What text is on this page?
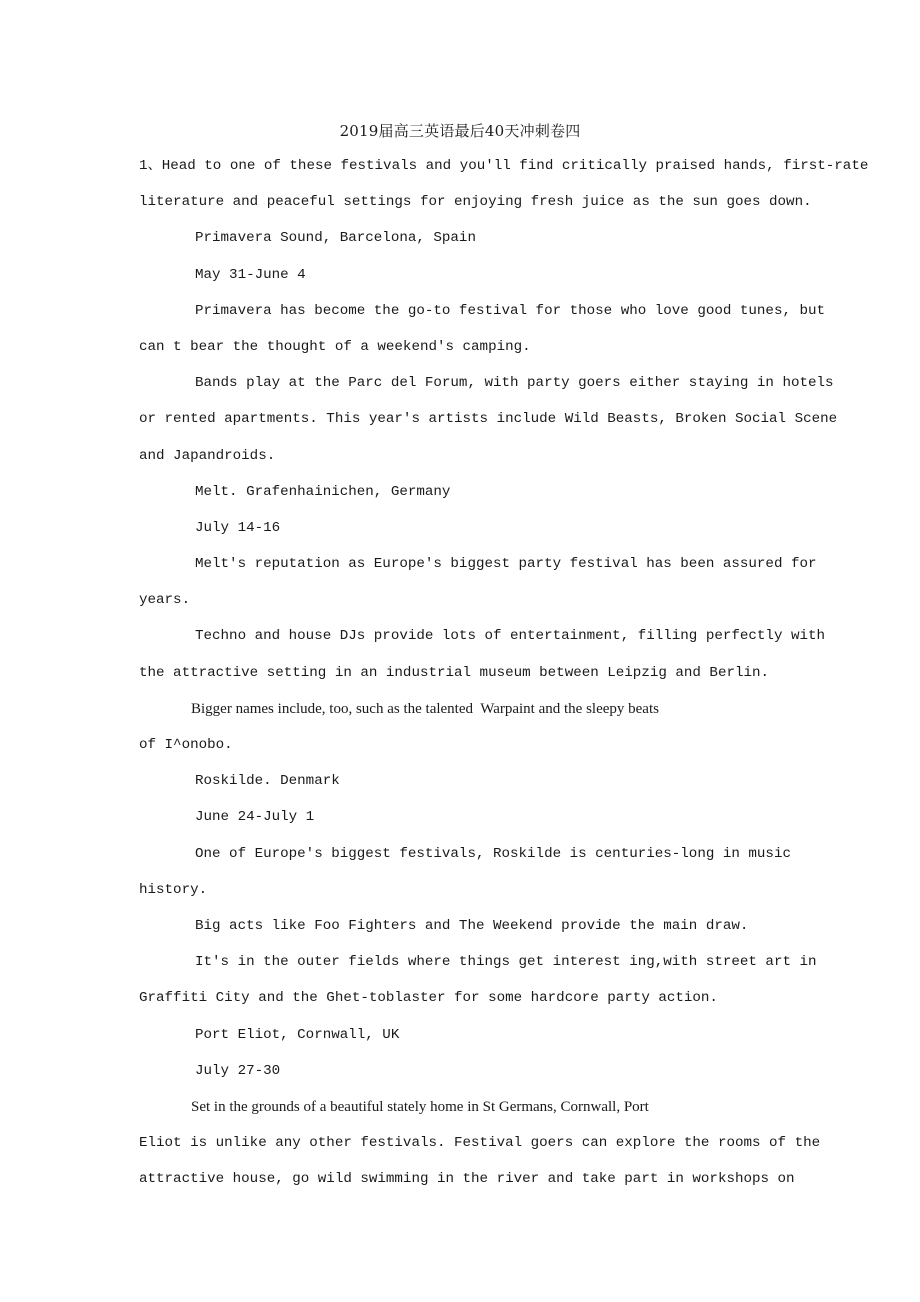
2019届高三英语最后40天冲刺卷四
1、Head to one of these festivals and you'll find critically praised hands, first-rate
literature and peaceful settings for enjoying fresh juice as the sun goes down.
Primavera Sound, Barcelona, Spain
May 31-June 4
Primavera has become the go-to festival for those who love good tunes, but
can t bear the thought of a weekend's camping.
Bands play at the Parc del Forum, with party goers either staying in hotels
or rented apartments. This year's artists include Wild Beasts, Broken Social Scene
and Japandroids.
Melt. Grafenhainichen, Germany
July 14-16
Melt's reputation as Europe's biggest party festival has been assured for
years.
Techno and house DJs provide lots of entertainment, filling perfectly with
the attractive setting in an industrial museum between Leipzig and Berlin.
Bigger names include, too, such as the talented  Warpaint and the sleepy beats
of I^onobo.
Roskilde. Denmark
June 24-July 1
One of Europe's biggest festivals, Roskilde is centuries-long in music
history.
Big acts like Foo Fighters and The Weekend provide the main draw.
It's in the outer fields where things get interest ing,with street art in
Graffiti City and the Ghet-toblaster for some hardcore party action.
Port Eliot, Cornwall, UK
July 27-30
Set in the grounds of a beautiful stately home in St Germans, Cornwall, Port
Eliot is unlike any other festivals. Festival goers can explore the rooms of the
attractive house, go wild swimming in the river and take part in workshops on
